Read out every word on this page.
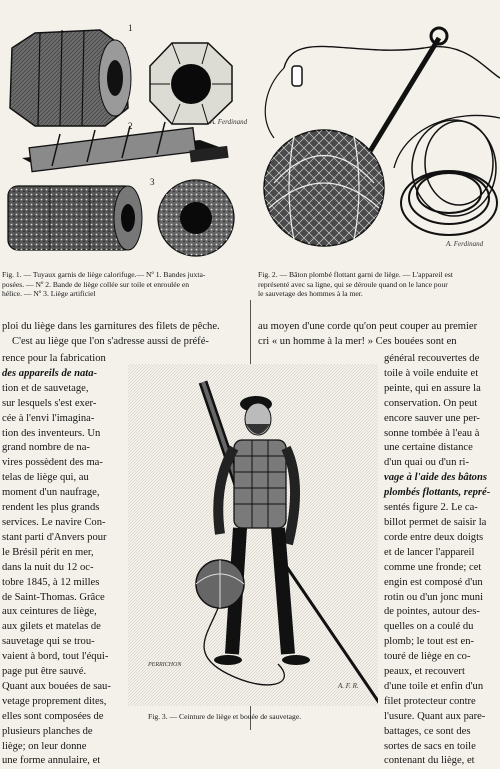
1
2
3
A. Ferdinand
A. Ferdinand
Fig. 1. — Tuyaux garnis de liège calorifuge.— Nº 1. Bandes juxta-
posées. — Nº 2. Bande de liège collée sur toile et enroulée en
hélice. — Nº 3. Liège artificiel
Fig. 2. — Bâton plombé flottant garni de liège. — L'appareil est
représenté avec sa ligne, qui se déroule quand on le lance pour
le sauvetage des hommes à la mer.
ploi du liège dans les garnitures des filets de pêche.
C'est au liège que l'on s'adresse aussi de préfé-
au moyen d'une corde qu'on peut couper au premier
cri « un homme à la mer! » Ces bouées sont en
rence pour la fabrication
des appareils de nata-
tion et de sauvetage,
sur lesquels s'est exer-
cée à l'envi l'imagina-
tion des inventeurs. Un
grand nombre de na-
vires possèdent des ma-
telas de liège qui, au
moment d'un naufrage,
rendent les plus grands
services. Le navire Con-
stant parti d'Anvers pour
le Brésil périt en mer,
dans la nuit du 12 oc-
tobre 1845, à 12 milles
de Saint-Thomas. Grâce
aux ceintures de liège,
aux gilets et matelas de
sauvetage qui se trou-
vaient à bord, tout l'équi-
page put être sauvé.
Quant aux bouées de sau-
vetage proprement dites,
elles sont composées de
plusieurs planches de
liège; on leur donne
une forme annulaire, et
PERRICHON
A. F. R.
Fig. 3. — Ceinture de liège et bouée de sauvetage.
général recouvertes de
toile à voile enduite et
peinte, qui en assure la
conservation. On peut
encore sauver une per-
sonne tombée à l'eau à
une certaine distance
d'un quai ou d'un ri-
vage à l'aide des bâtons
plombés flottants, repré-
sentés figure 2. Le ca-
billot permet de saisir la
corde entre deux doigts
et de lancer l'appareil
comme une fronde; cet
engin est composé d'un
rotin ou d'un jonc muni
de pointes, autour des-
quelles on a coulé du
plomb; le tout est en-
touré de liège en co-
peaux, et recouvert
d'une toile et enfin d'un
filet protecteur contre
l'usure. Quant aux pare-
battages, ce sont des
sortes de sacs en toile
contenant du liège, et
